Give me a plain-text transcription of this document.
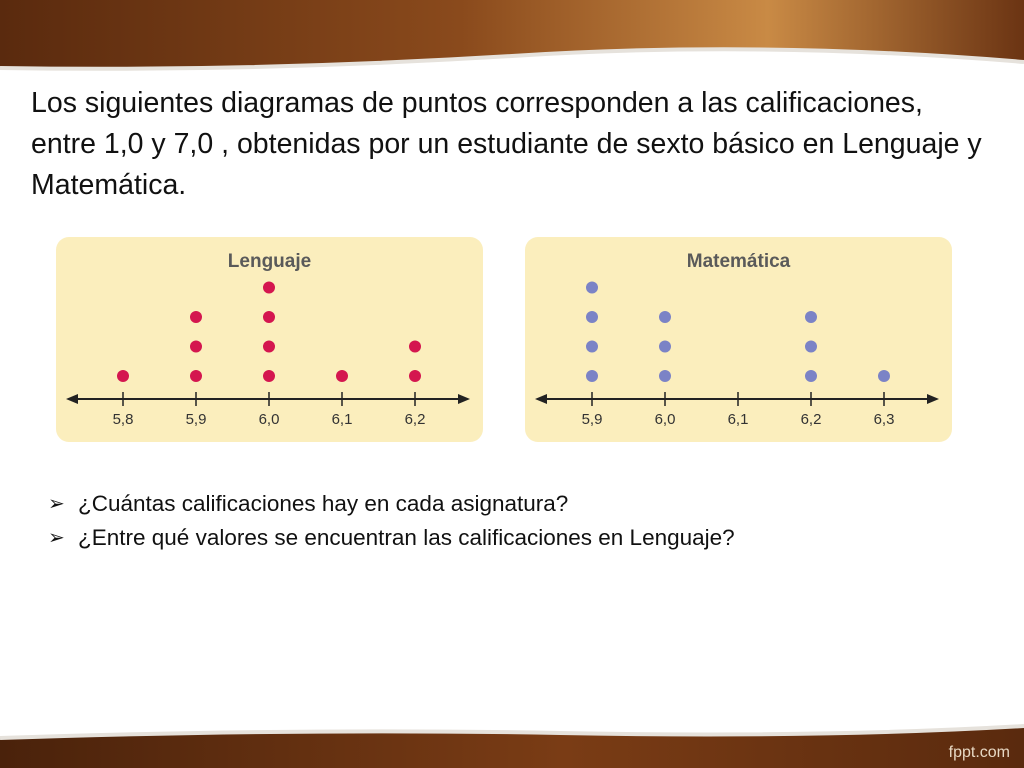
Los siguientes diagramas de puntos corresponden a las calificaciones, entre 1,0 y 7,0 , obtenidas por un estudiante de sexto básico en Lenguaje y Matemática.

Lenguaje
5,8	5,9	6,0	6,1	6,2
Matemática
5,9	6,0	6,1	6,2	6,3
➢ ¿Cuántas calificaciones hay en cada asignatura?
➢ ¿Entre qué valores se encuentran las calificaciones en Lenguaje?
fppt.com
